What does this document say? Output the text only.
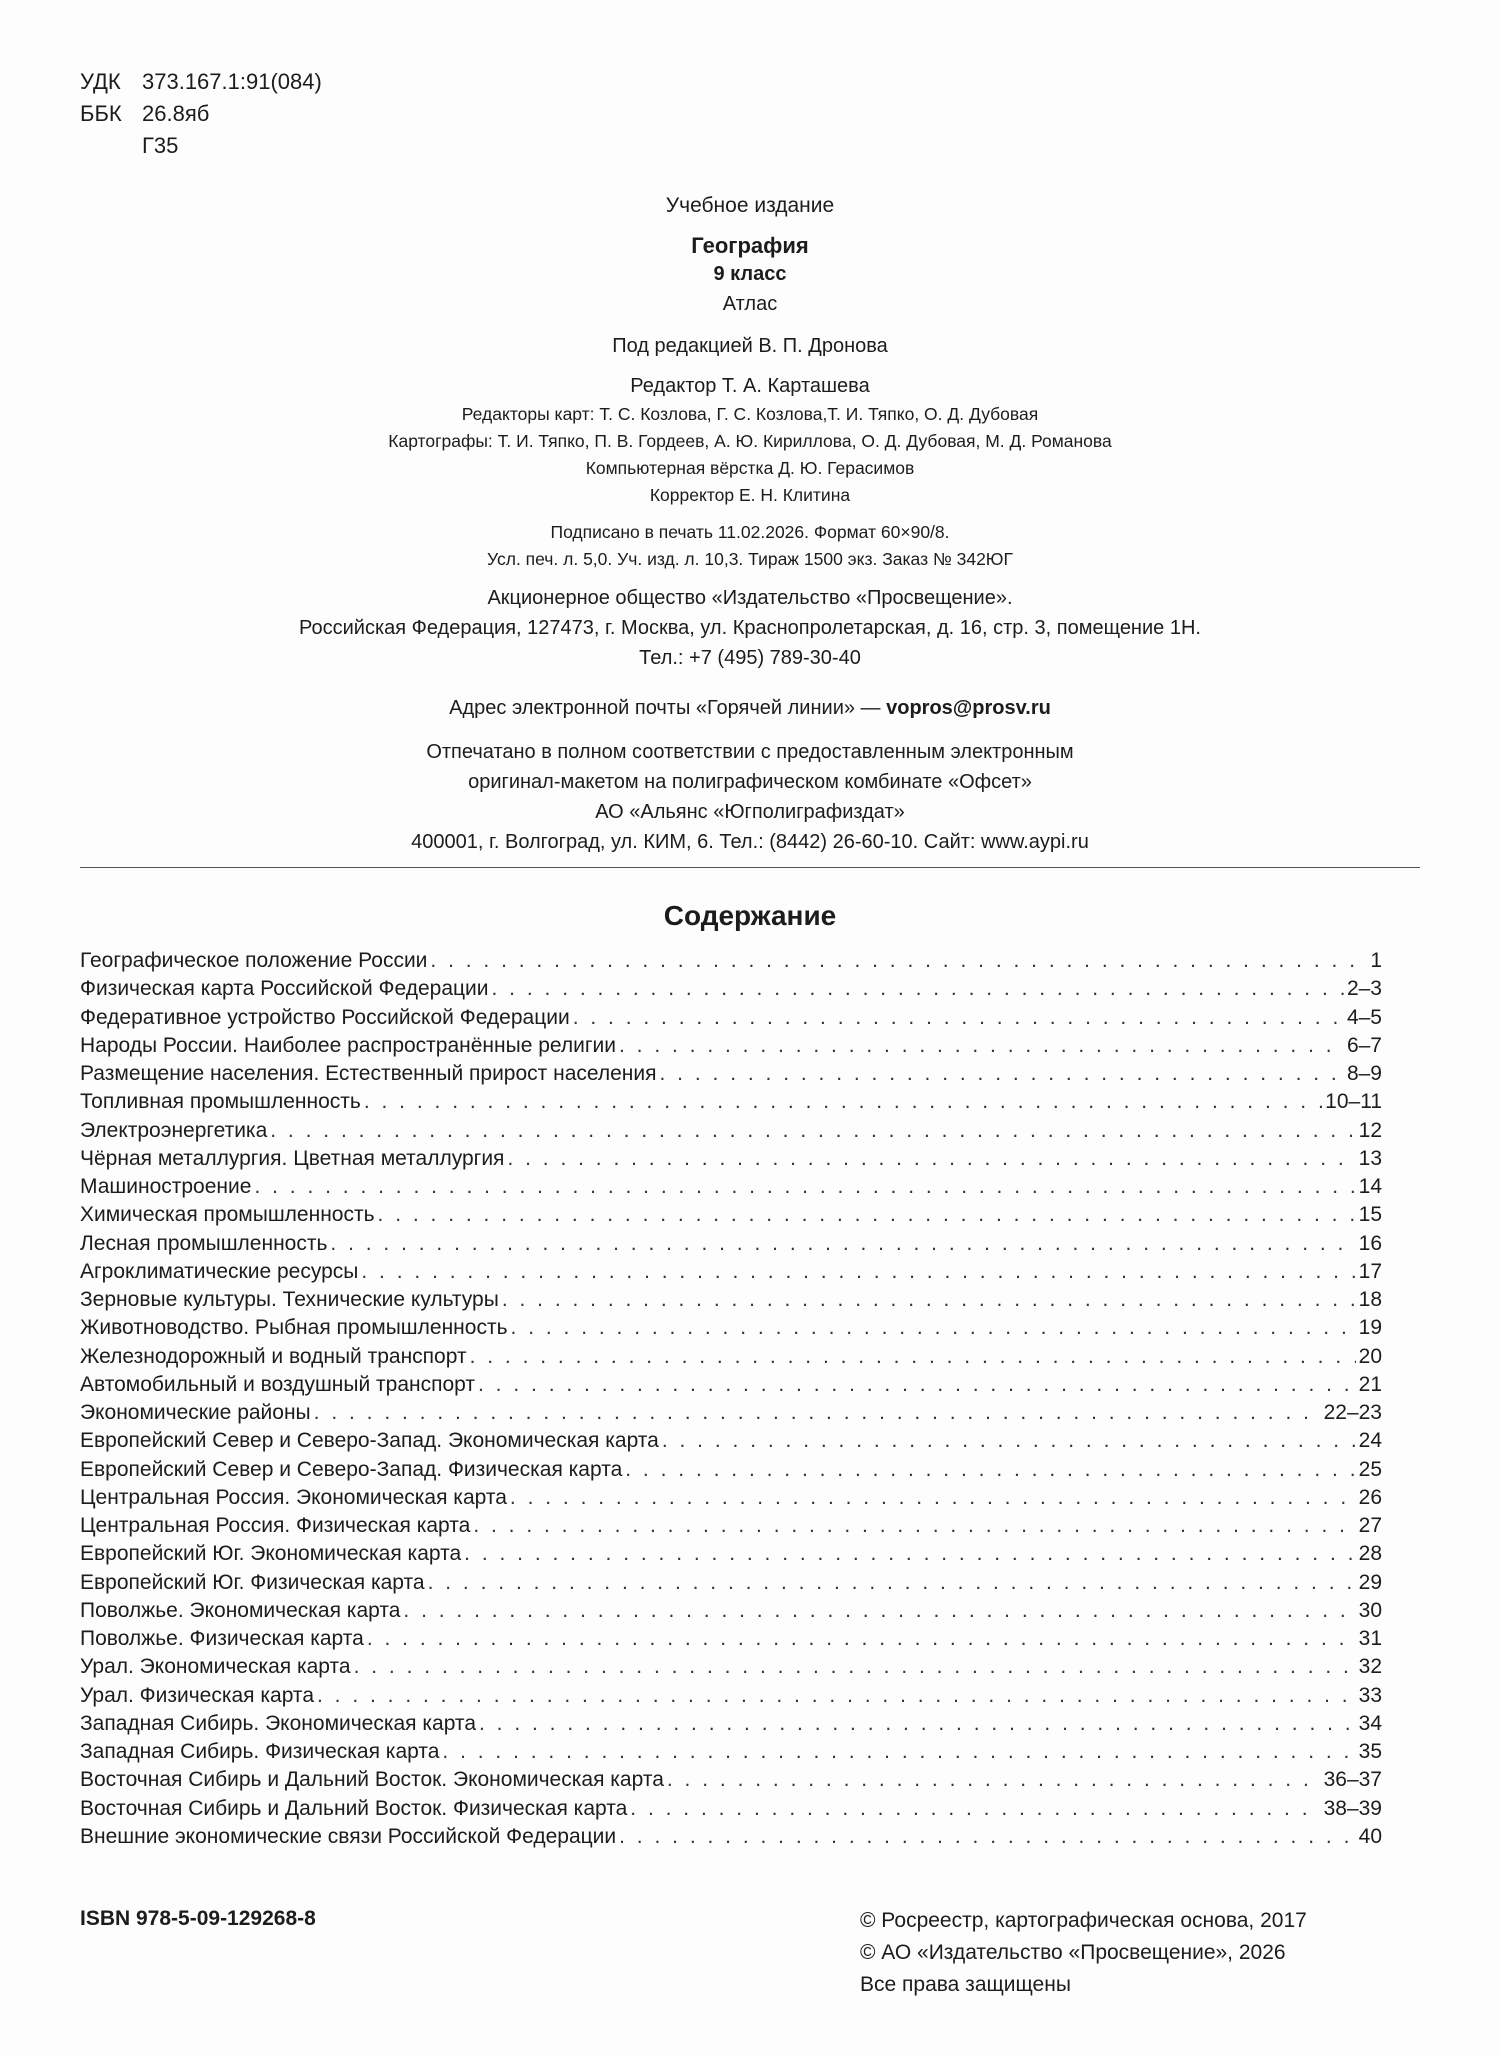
УДК 373.167.1:91(084)
ББК 26.8яб
Г35
Учебное издание
География
9 класс
Атлас
Под редакцией В. П. Дронова
Редактор Т. А. Карташева
Редакторы карт: Т. С. Козлова, Г. С. Козлова,Т. И. Тяпко, О. Д. Дубовая
Картографы: Т. И. Тяпко, П. В. Гордеев, А. Ю. Кириллова, О. Д. Дубовая, М. Д. Романова
Компьютерная вёрстка Д. Ю. Герасимов
Корректор Е. Н. Клитина
Подписано в печать 11.02.2026. Формат 60×90/8.
Усл. печ. л. 5,0. Уч. изд. л. 10,3. Тираж 1500 экз. Заказ № 342ЮГ
Акционерное общество «Издательство «Просвещение».
Российская Федерация, 127473, г. Москва, ул. Краснопролетарская, д. 16, стр. 3, помещение 1Н.
Тел.: +7 (495) 789-30-40
Адрес электронной почты «Горячей линии» — vopros@prosv.ru
Отпечатано в полном соответствии с предоставленным электронным
оригинал-макетом на полиграфическом комбинате «Офсет»
АО «Альянс «Югполиграфиздат»
400001, г. Волгоград, ул. КИМ, 6. Тел.: (8442) 26-60-10. Сайт: www.aypi.ru
Содержание
Географическое положение России . . .	1
Физическая карта Российской Федерации . . .	2–3
Федеративное устройство Российской Федерации . . .	4–5
Народы России. Наиболее распространённые религии . . .	6–7
Размещение населения. Естественный прирост населения . . .	8–9
Топливная промышленность . . .	10–11
Электроэнергетика . . .	12
Чёрная металлургия. Цветная металлургия . . .	13
Машиностроение . . .	14
Химическая промышленность . . .	15
Лесная промышленность . . .	16
Агроклиматические ресурсы . . .	17
Зерновые культуры. Технические культуры . . .	18
Животноводство. Рыбная промышленность . . .	19
Железнодорожный и водный транспорт . . .	20
Автомобильный и воздушный транспорт . . .	21
Экономические районы . . .	22–23
Европейский Север и Северо-Запад. Экономическая карта . . .	24
Европейский Север и Северо-Запад. Физическая карта . . .	25
Центральная Россия. Экономическая карта . . .	26
Центральная Россия. Физическая карта . . .	27
Европейский Юг. Экономическая карта . . .	28
Европейский Юг. Физическая карта . . .	29
Поволжье. Экономическая карта . . .	30
Поволжье. Физическая карта . . .	31
Урал. Экономическая карта . . .	32
Урал. Физическая карта . . .	33
Западная Сибирь. Экономическая карта . . .	34
Западная Сибирь. Физическая карта . . .	35
Восточная Сибирь и Дальний Восток. Экономическая карта . . .	36–37
Восточная Сибирь и Дальний Восток. Физическая карта . . .	38–39
Внешние экономические связи Российской Федерации . . .	40
ISBN 978-5-09-129268-8	© Росреестр, картографическая основа, 2017
© АО «Издательство «Просвещение», 2026
Все права защищены
